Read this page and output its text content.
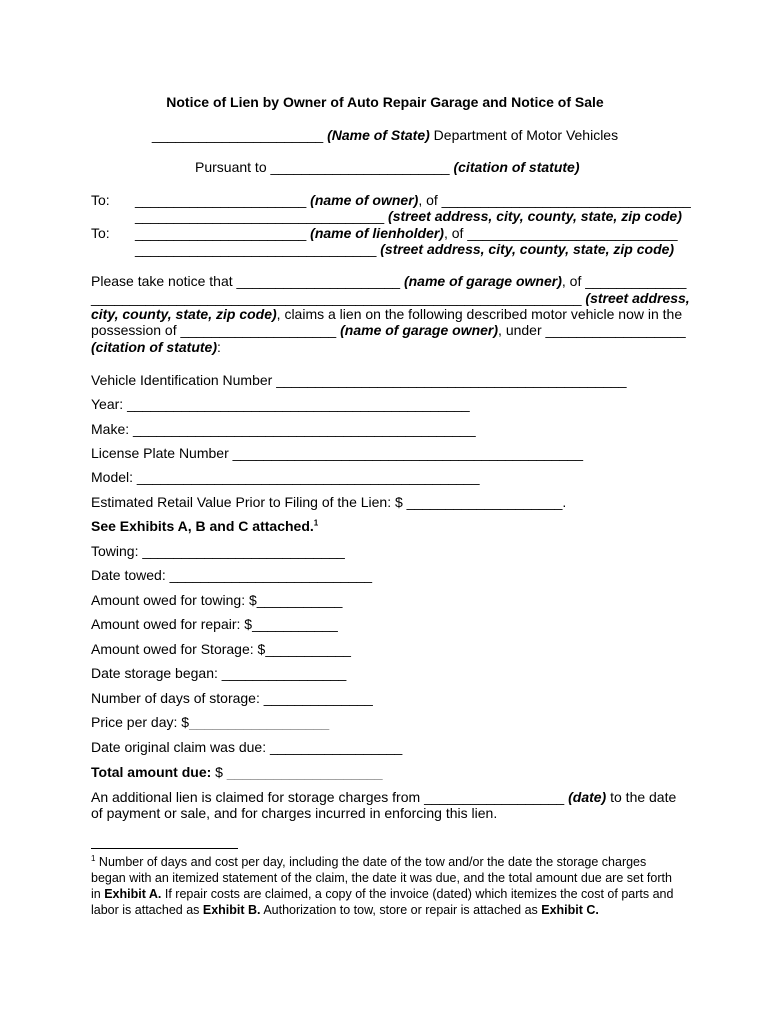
Notice of Lien by Owner of Auto Repair Garage and Notice of Sale
______________________ (Name of State) Department of Motor Vehicles
Pursuant to _______________________ (citation of statute)
To: ______________________ (name of owner), of ________________________________
________________________________ (street address, city, county, state, zip code)
To: ______________________ (name of lienholder), of ___________________________
_______________________________ (street address, city, county, state, zip code)
Please take notice that _____________________ (name of garage owner), of _____________
_______________________________________________________________ (street address,
city, county, state, zip code), claims a lien on the following described motor vehicle now in the
possession of ____________________ (name of garage owner), under __________________
(citation of statute):
Vehicle Identification Number _____________________________________________
Year: ____________________________________________
Make: ____________________________________________
License Plate Number _____________________________________________
Model: ____________________________________________
Estimated Retail Value Prior to Filing of the Lien: $ ____________________.
See Exhibits A, B and C attached.$^1$
Towing: __________________________
Date towed: __________________________
Amount owed for towing: $___________
Amount owed for repair: $___________
Amount owed for Storage: $___________
Date storage began: ________________
Number of days of storage: ______________
Price per day: $__________________
Date original claim was due: _________________
Total amount due: $ ____________________
An additional lien is claimed for storage charges from __________________ (date) to the date
of payment or sale, and for charges incurred in enforcing this lien.
$^1$ Number of days and cost per day, including the date of the tow and/or the date the storage charges
began with an itemized statement of the claim, the date it was due, and the total amount due are set forth
in Exhibit A. If repair costs are claimed, a copy of the invoice (dated) which itemizes the cost of parts and
labor is attached as Exhibit B. Authorization to tow, store or repair is attached as Exhibit C.
